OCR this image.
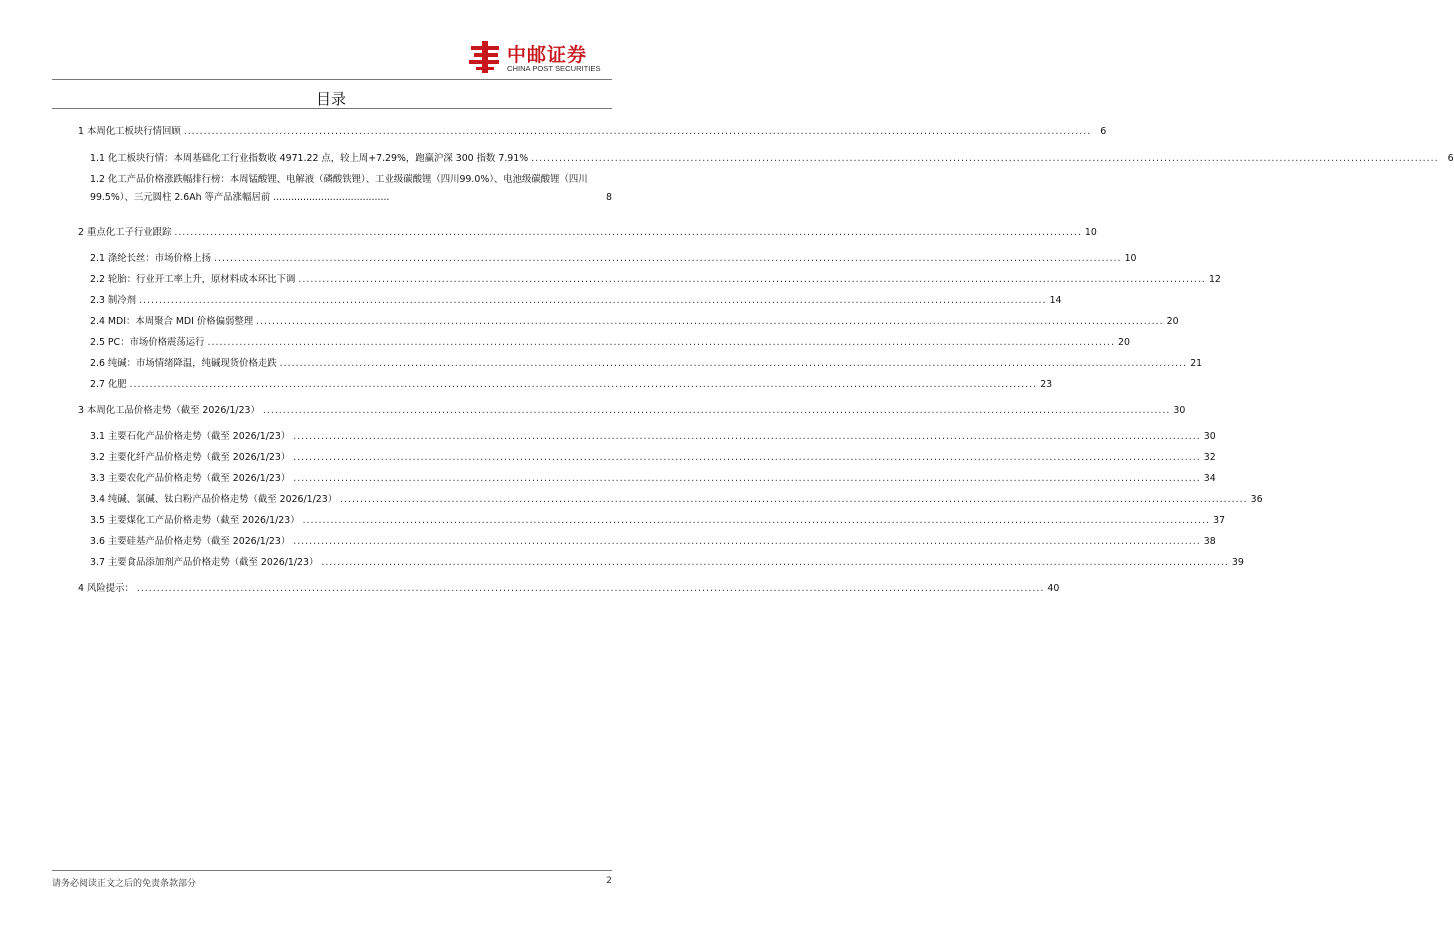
中邮证券
CHINA POST SECURITIES
目录
1 本周化工板块行情回顾 .....	6
1.1 化工板块行情：本周基础化工行业指数收 4971.22 点，较上周+7.29%，跑赢沪深 300 指数 7.91% .....	6
1.2 化工产品价格涨跌幅排行榜：本周锰酸锂、电解液（磷酸铁锂）、工业级碳酸锂（四川99.0%）、电池级碳酸锂（四川99.5%）、三元圆柱 2.6Ah 等产品涨幅居前 .......................................	8
2 重点化工子行业跟踪 .....	10
2.1 涤纶长丝：市场价格上扬 .....	10
2.2 轮胎：行业开工率上升，原材料成本环比下调 .....	12
2.3 制冷剂 .....	14
2.4 MDI：本周聚合 MDI 价格偏弱整理 .....	20
2.5 PC：市场价格震荡运行 .....	20
2.6 纯碱：市场情绪降温，纯碱现货价格走跌 .....	21
2.7 化肥 .....	23
3 本周化工品价格走势（截至 2026/1/23） .....	30
3.1 主要石化产品价格走势（截至 2026/1/23） .....	30
3.2 主要化纤产品价格走势（截至 2026/1/23） .....	32
3.3 主要农化产品价格走势（截至 2026/1/23） .....	34
3.4 纯碱、氯碱、钛白粉产品价格走势（截至 2026/1/23） .....	36
3.5 主要煤化工产品价格走势（截至 2026/1/23） .....	37
3.6 主要硅基产品价格走势（截至 2026/1/23） .....	38
3.7 主要食品添加剂产品价格走势（截至 2026/1/23） .....	39
4 风险提示： .....	40
请务必阅读正文之后的免责条款部分	2
